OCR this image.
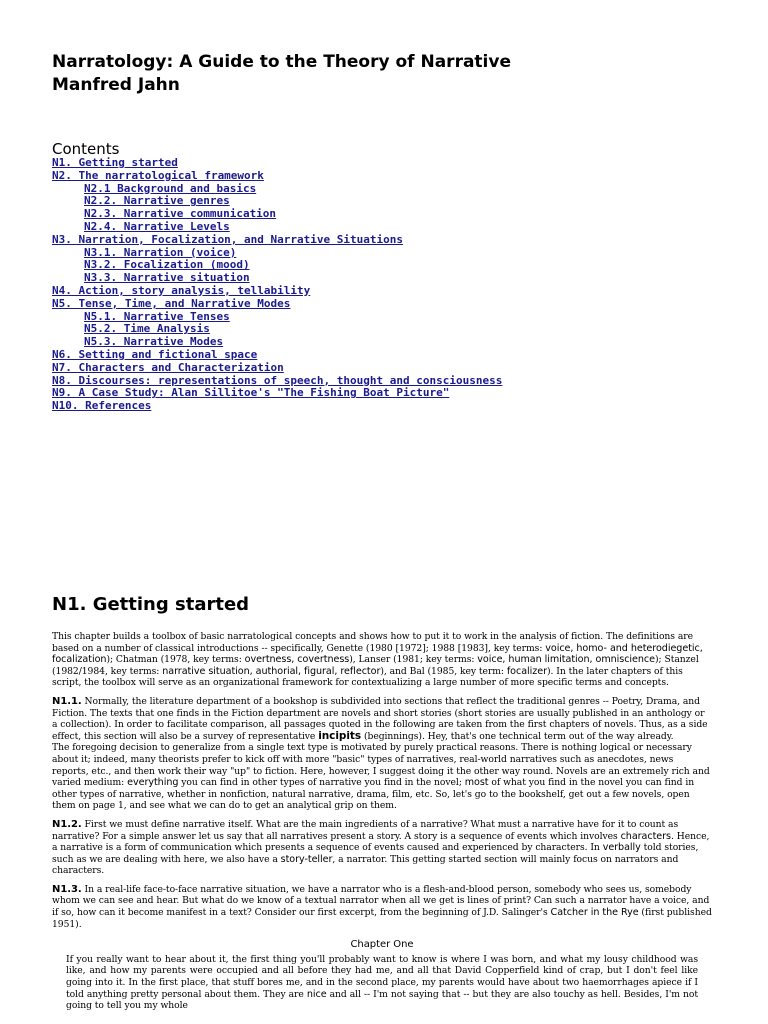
Narratology: A Guide to the Theory of Narrative
Manfred Jahn
Contents
N1. Getting started
N2. The narratological framework
N2.1 Background and basics
N2.2. Narrative genres
N2.3. Narrative communication
N2.4. Narrative Levels
N3. Narration, Focalization, and Narrative Situations
N3.1. Narration (voice)
N3.2. Focalization (mood)
N3.3. Narrative situation
N4. Action, story analysis, tellability
N5. Tense, Time, and Narrative Modes
N5.1. Narrative Tenses
N5.2. Time Analysis
N5.3. Narrative Modes
N6. Setting and fictional space
N7. Characters and Characterization
N8. Discourses: representations of speech, thought and consciousness
N9. A Case Study: Alan Sillitoe's "The Fishing Boat Picture"
N10. References
N1. Getting started

This chapter builds a toolbox of basic narratological concepts and shows how to put it to work in the analysis of fiction. The definitions are based on a number of classical introductions -- specifically, Genette (1980 [1972]; 1988 [1983], key terms: voice, homo- and heterodiegetic, focalization); Chatman (1978, key terms: overtness, covertness), Lanser (1981; key terms: voice, human limitation, omniscience); Stanzel (1982/1984, key terms: narrative situation, authorial, figural, reflector), and Bal (1985, key term: focalizer). In the later chapters of this script, the toolbox will serve as an organizational framework for contextualizing a large number of more specific terms and concepts.

N1.1. Normally, the literature department of a bookshop is subdivided into sections that reflect the traditional genres -- Poetry, Drama, and Fiction. The texts that one finds in the Fiction department are novels and short stories (short stories are usually published in an anthology or a collection). In order to facilitate comparison, all passages quoted in the following are taken from the first chapters of novels. Thus, as a side effect, this section will also be a survey of representative incipits (beginnings). Hey, that's one technical term out of the way already.
The foregoing decision to generalize from a single text type is motivated by purely practical reasons. There is nothing logical or necessary about it; indeed, many theorists prefer to kick off with more "basic" types of narratives, real-world narratives such as anecdotes, news reports, etc., and then work their way "up" to fiction. Here, however, I suggest doing it the other way round. Novels are an extremely rich and varied medium: everything you can find in other types of narrative you find in the novel; most of what you find in the novel you can find in other types of narrative, whether in nonfiction, natural narrative, drama, film, etc. So, let's go to the bookshelf, get out a few novels, open them on page 1, and see what we can do to get an analytical grip on them.

N1.2. First we must define narrative itself. What are the main ingredients of a narrative? What must a narrative have for it to count as narrative? For a simple answer let us say that all narratives present a story. A story is a sequence of events which involves characters. Hence, a narrative is a form of communication which presents a sequence of events caused and experienced by characters. In verbally told stories, such as we are dealing with here, we also have a story-teller, a narrator. This getting started section will mainly focus on narrators and characters.

N1.3. In a real-life face-to-face narrative situation, we have a narrator who is a flesh-and-blood person, somebody who sees us, somebody whom we can see and hear. But what do we know of a textual narrator when all we get is lines of print? Can such a narrator have a voice, and if so, how can it become manifest in a text? Consider our first excerpt, from the beginning of J.D. Salinger's Catcher in the Rye (first published 1951).

Chapter One
If you really want to hear about it, the first thing you'll probably want to know is where I was born, and what my lousy childhood was like, and how my parents were occupied and all before they had me, and all that David Copperfield kind of crap, but I don't feel like going into it. In the first place, that stuff bores me, and in the second place, my parents would have about two haemorrhages apiece if I told anything pretty personal about them. They are nice and all -- I'm not saying that -- but they are also touchy as hell. Besides, I'm not going to tell you my whole
